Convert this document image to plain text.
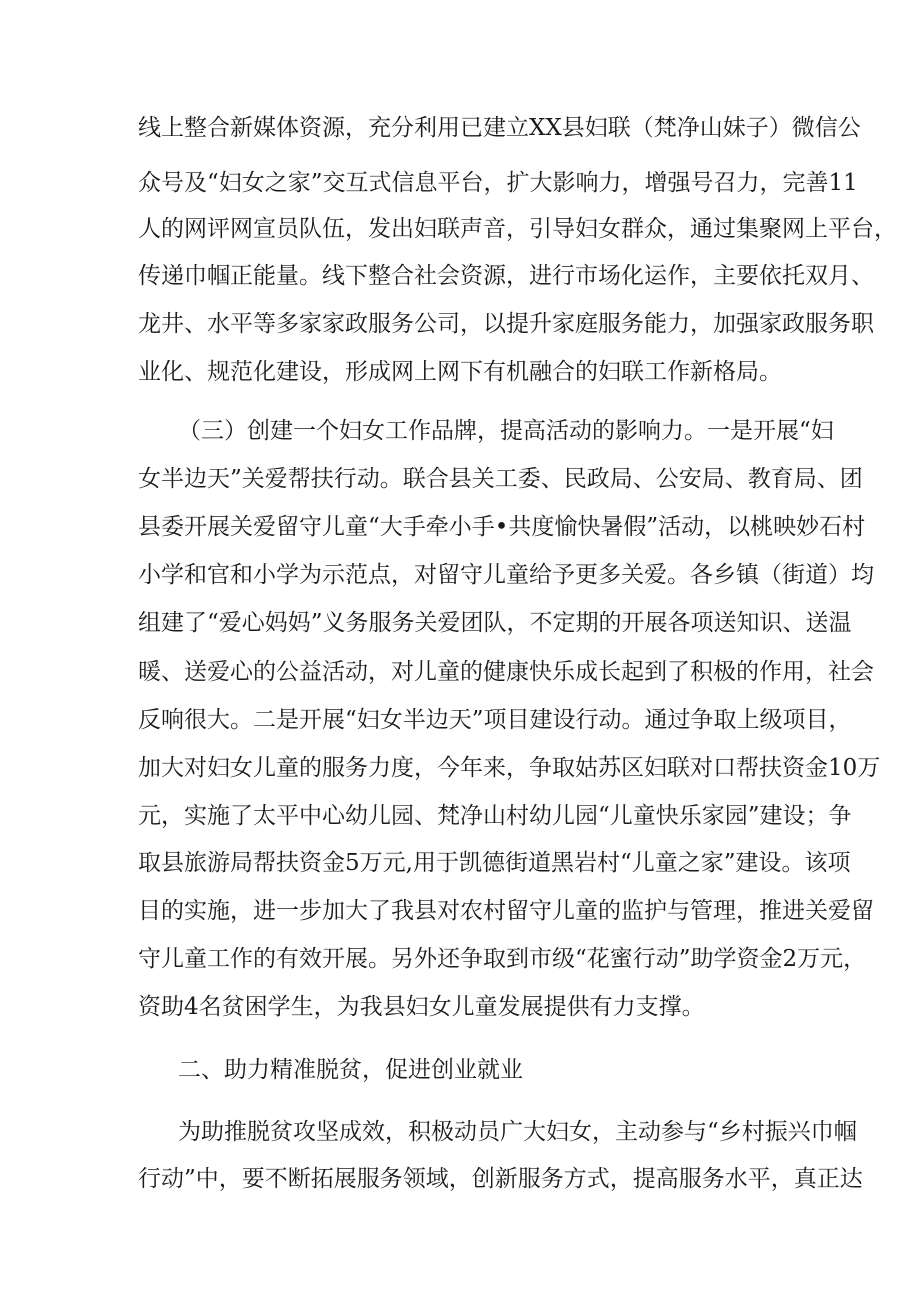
线上整合新媒体资源，充分利用已建立XX县妇联（梵净山妹子）微信公
众号及“妇女之家”交互式信息平台，扩大影响力，增强号召力，完善11
人的网评网宣员队伍，发出妇联声音，引导妇女群众，通过集聚网上平台，
传递巾帼正能量。线下整合社会资源，进行市场化运作，主要依托双月、
龙井、水平等多家家政服务公司，以提升家庭服务能力，加强家政服务职
业化、规范化建设，形成网上网下有机融合的妇联工作新格局。
（三）创建一个妇女工作品牌，提高活动的影响力。一是开展“妇
女半边天”关爱帮扶行动。联合县关工委、民政局、公安局、教育局、团
县委开展关爱留守儿童“大手牵小手•共度愉快暑假”活动，以桃映妙石村
小学和官和小学为示范点，对留守儿童给予更多关爱。各乡镇（街道）均
组建了“爱心妈妈”义务服务关爱团队，不定期的开展各项送知识、送温
暖、送爱心的公益活动，对儿童的健康快乐成长起到了积极的作用，社会
反响很大。二是开展“妇女半边天”项目建设行动。通过争取上级项目，
加大对妇女儿童的服务力度，今年来，争取姑苏区妇联对口帮扶资金10万
元，实施了太平中心幼儿园、梵净山村幼儿园“儿童快乐家园”建设；争
取县旅游局帮扶资金5万元,用于凯德街道黑岩村“儿童之家”建设。该项
目的实施，进一步加大了我县对农村留守儿童的监护与管理，推进关爱留
守儿童工作的有效开展。另外还争取到市级“花蜜行动”助学资金2万元，
资助4名贫困学生，为我县妇女儿童发展提供有力支撑。
二、助力精准脱贫，促进创业就业
为助推脱贫攻坚成效，积极动员广大妇女，主动参与“乡村振兴巾帼
行动”中，要不断拓展服务领域，创新服务方式，提高服务水平，真正达
